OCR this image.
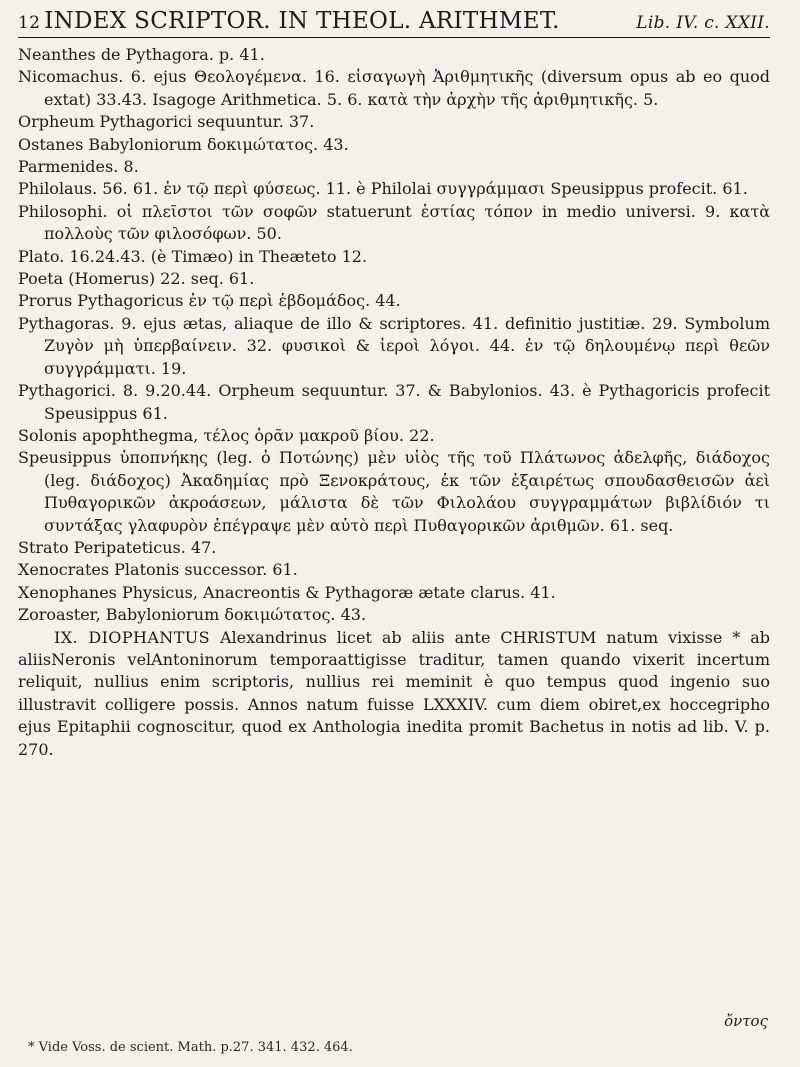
12 INDEX SCRIPTOR. IN THEOL. ARITHMET.	Lib. IV. c. XXII.

Neanthes de Pythagora. p. 41.

Nicomachus. 6. ejus Θεολογέμενα. 16. εἰσαγωγὴ Ἀριθμητικῆς (diversum opus ab eo quod extat) 33.43. Isagoge Arithmetica. 5. 6. κατὰ τὴν ἀρχὴν τῆς ἀριθμητικῆς. 5.

Orpheum Pythagorici sequuntur. 37.

Ostanes Babyloniorum δοκιμώτατος. 43.

Parmenides. 8.

Philolaus. 56. 61. ἐν τῷ περὶ φύσεως. 11. è Philolai συγγράμμασι Speusippus profecit. 61.

Philosophi. οἱ πλεῖστοι τῶν σοφῶν statuerunt ἑστίας τόπον in medio universi. 9. κατὰ πολλοὺς τῶν φιλοσόφων. 50.

Plato. 16.24.43. (è Timæo) in Theæteto 12.

Poeta (Homerus) 22. seq. 61.

Prorus Pythagoricus ἐν τῷ περὶ ἑβδομάδος. 44.

Pythagoras. 9. ejus ætas, aliaque de illo & scriptores. 41. definitio justitiæ. 29. Symbolum Ζυγὸν μὴ ὑπερβαίνειν. 32. φυσικοὶ & ἱεροὶ λόγοι. 44. ἐν τῷ δηλουμένῳ περὶ θεῶν συγγράμματι. 19.

Pythagorici. 8. 9.20.44. Orpheum sequuntur. 37. & Babylonios. 43. è Pythagoricis profecit Speusippus 61.

Solonis apophthegma, τέλος ὁρᾶν μακροῦ βίου. 22.

Speusippus ὑποπνήκης (leg. ὁ Ποτώνης) μὲν υἱὸς τῆς τοῦ Πλάτωνος ἀδελφῆς, διάδοχος (leg. διάδοχος) Ἀκαδημίας πρὸ Ξενοκράτους, ἐκ τῶν ἐξαιρέτως σπουδασθεισῶν ἀεὶ Πυθαγορικῶν ἀκροάσεων, μάλιστα δὲ τῶν Φιλολάου συγγραμμάτων βιβλίδιόν τι συντάξας γλαφυρὸν ἐπέγραψε μὲν αὐτὸ περὶ Πυθαγορικῶν ἀριθμῶν. 61. seq.

Strato Peripateticus. 47.

Xenocrates Platonis successor. 61.

Xenophanes Physicus, Anacreontis & Pythagoræ ætate clarus. 41.

Zoroaster, Babyloniorum δοκιμώτατος. 43.

IX. DIOPHANTUS Alexandrinus licet ab aliis ante CHRISTUM natum vixisse * ab aliisNeronis velAntoninorum temporaattigisse traditur, tamen quando vixerit incertum reliquit, nullius enim scriptoris, nullius rei meminit è quo tempus quod ingenio suo illustravit colligere possis. Annos natum fuisse LXXXIV. cum diem obiret,ex hoccegripho ejus Epitaphii cognoscitur, quod ex Anthologia inedita promit Bachetus in notis ad lib. V. p. 270.

ὄντος
* Vide Voss. de scient. Math. p.27. 341. 432. 464.
